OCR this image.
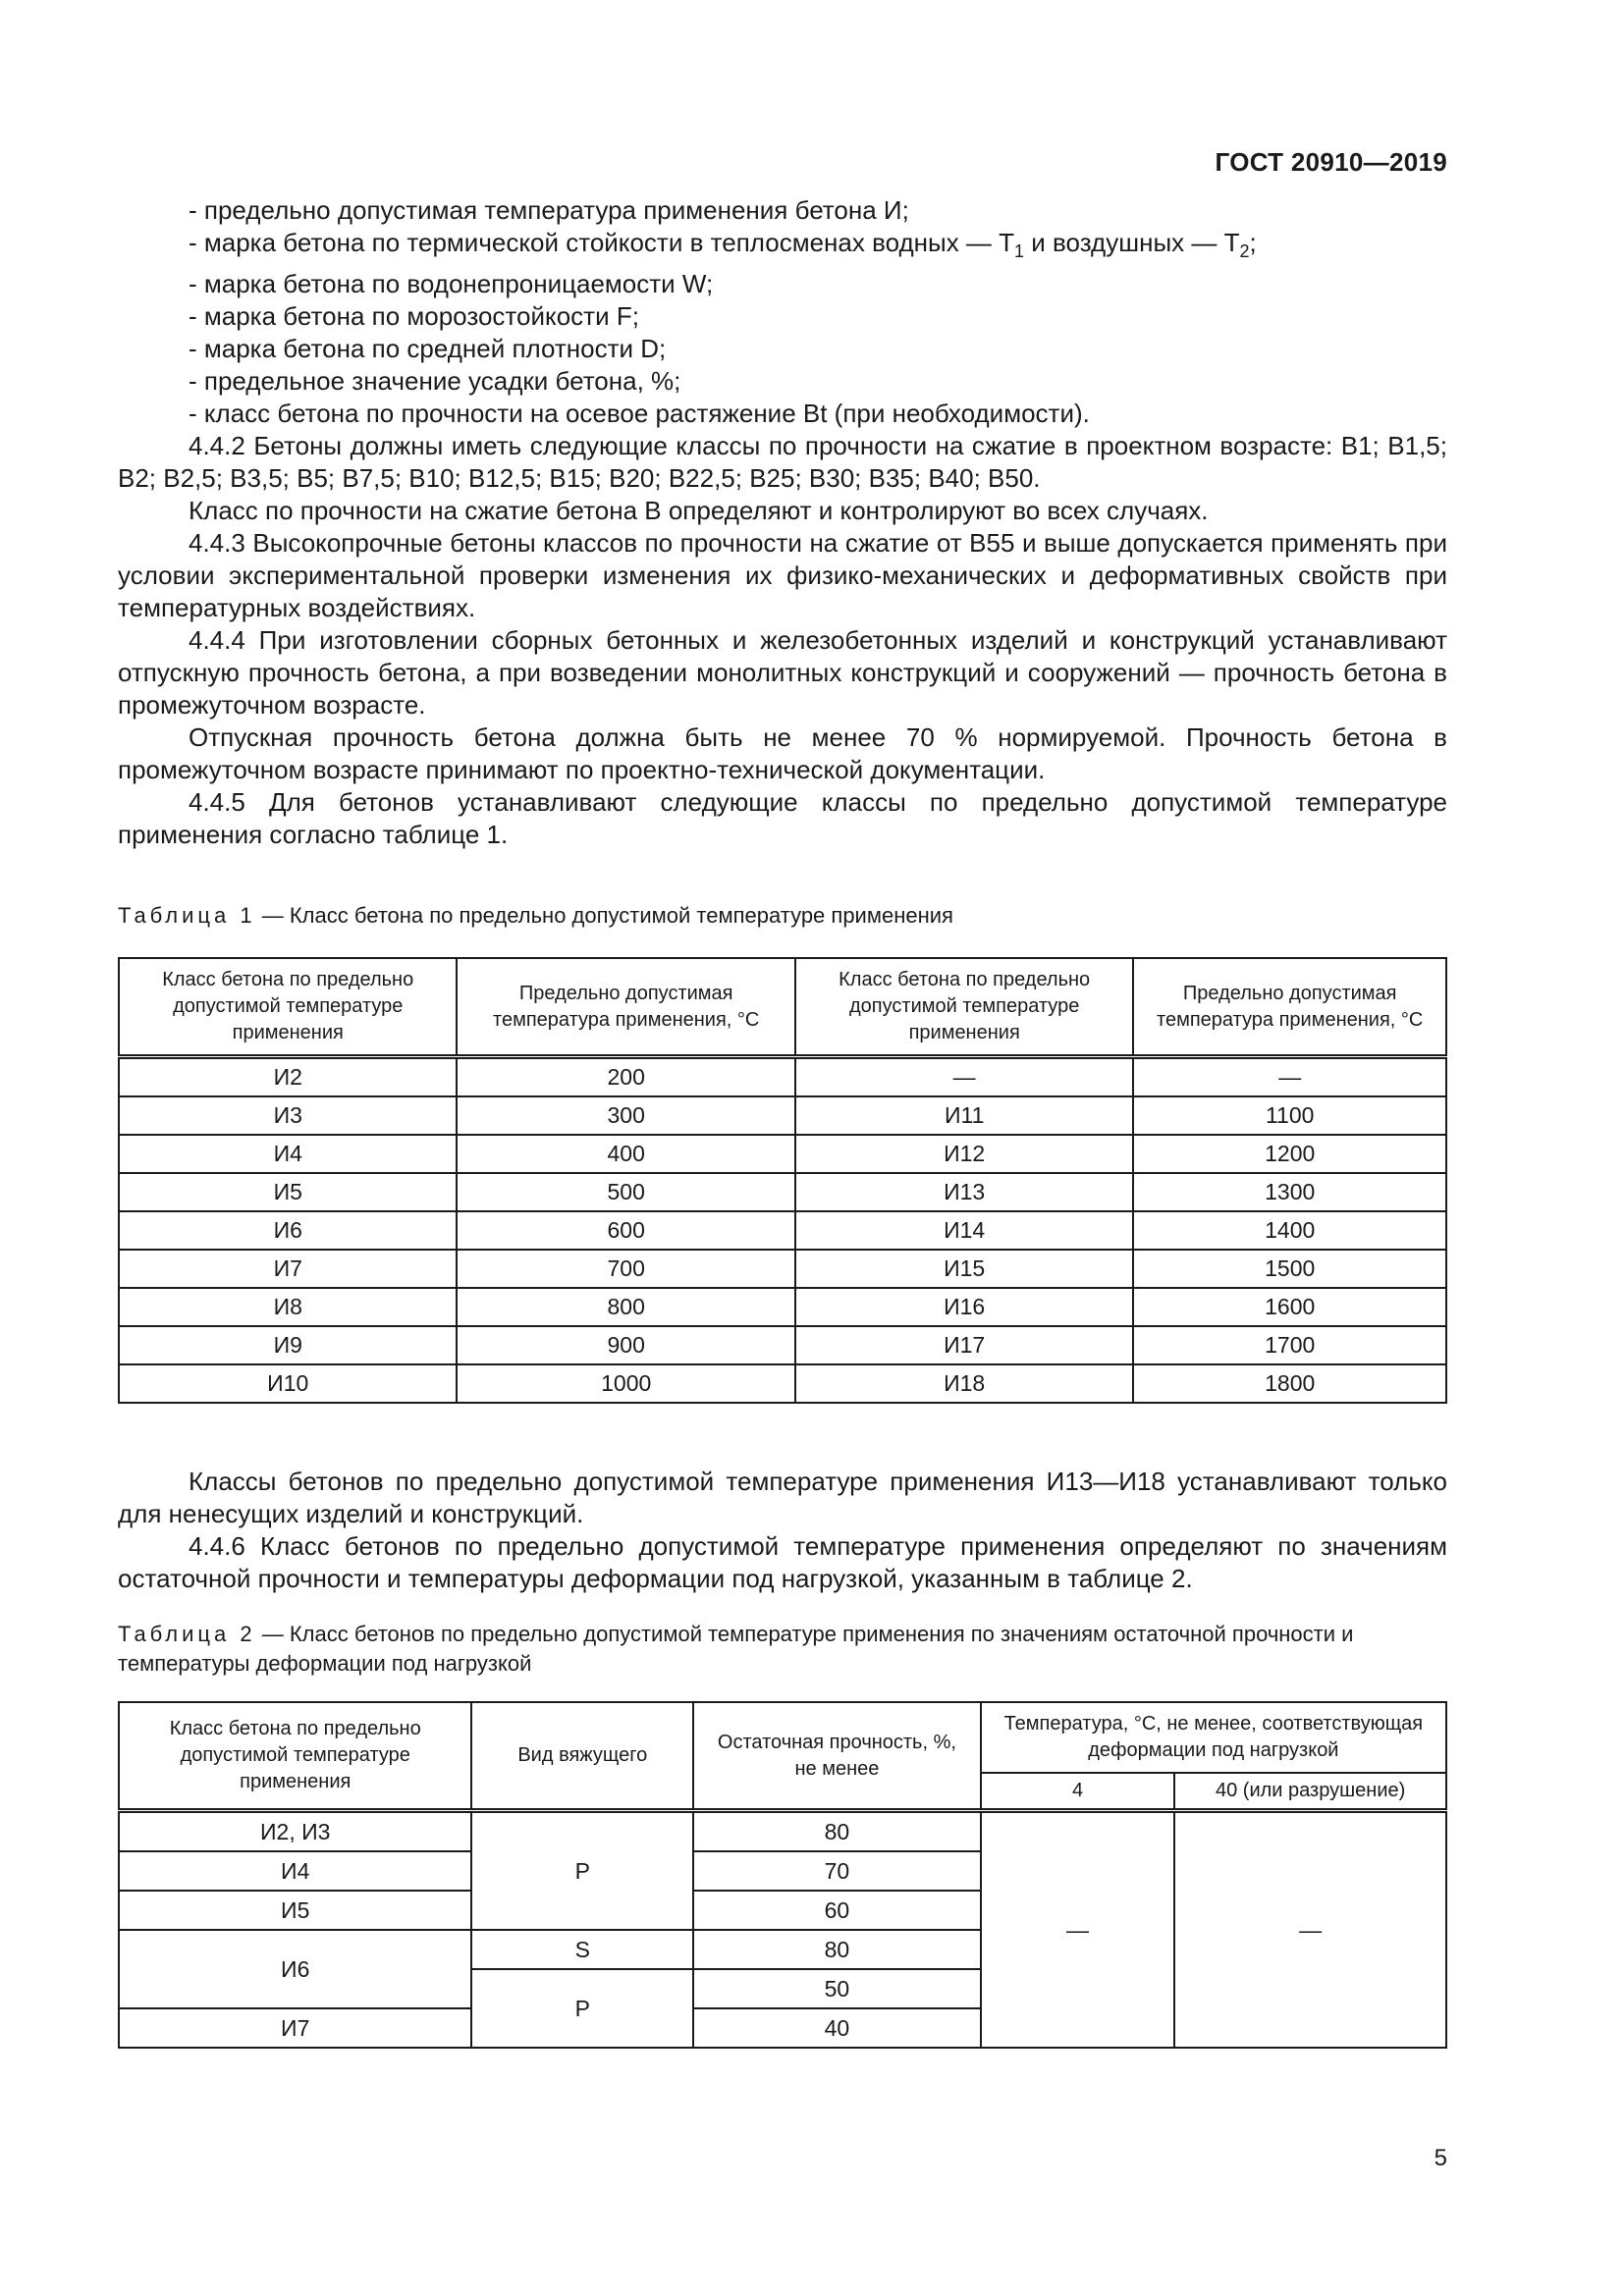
ГОСТ 20910—2019

- предельно допустимая температура применения бетона И;

- марка бетона по термической стойкости в теплосменах водных — $T_1$ и воздушных — $T_2$;

- марка бетона по водонепроницаемости W;

- марка бетона по морозостойкости F;

- марка бетона по средней плотности D;

- предельное значение усадки бетона, %;

- класс бетона по прочности на осевое растяжение Bt (при необходимости).

4.4.2 Бетоны должны иметь следующие классы по прочности на сжатие в проектном возрасте: B1; B1,5; B2; B2,5; B3,5; B5; B7,5; B10; B12,5; B15; B20; B22,5; B25; B30; B35; B40; B50.

Класс по прочности на сжатие бетона B определяют и контролируют во всех случаях.

4.4.3 Высокопрочные бетоны классов по прочности на сжатие от B55 и выше допускается применять при условии экспериментальной проверки изменения их физико-механических и деформативных свойств при температурных воздействиях.

4.4.4 При изготовлении сборных бетонных и железобетонных изделий и конструкций устанавливают отпускную прочность бетона, а при возведении монолитных конструкций и сооружений — прочность бетона в промежуточном возрасте.

Отпускная прочность бетона должна быть не менее 70 % нормируемой. Прочность бетона в промежуточном возрасте принимают по проектно-технической документации.

4.4.5 Для бетонов устанавливают следующие классы по предельно допустимой температуре применения согласно таблице 1.

Таблица 1 — Класс бетона по предельно допустимой температуре применения
Класс бетона по предельно допустимой температуре применения	Предельно допустимая температура применения, °С	Класс бетона по предельно допустимой температуре применения	Предельно допустимая температура применения, °С
И2	200	—	—
И3	300	И11	1100
И4	400	И12	1200
И5	500	И13	1300
И6	600	И14	1400
И7	700	И15	1500
И8	800	И16	1600
И9	900	И17	1700
И10	1000	И18	1800

Классы бетонов по предельно допустимой температуре применения И13—И18 устанавливают только для ненесущих изделий и конструкций.

4.4.6 Класс бетонов по предельно допустимой температуре применения определяют по значениям остаточной прочности и температуры деформации под нагрузкой, указанным в таблице 2.

Таблица 2 — Класс бетонов по предельно допустимой температуре применения по значениям остаточной прочности и температуры деформации под нагрузкой
Класс бетона по предельно допустимой температуре применения	Вид вяжущего	Остаточная прочность, %, не менее	Температура, °С, не менее, соответствующая деформации под нагрузкой	
			4	40 (или разрушение)
И2, И3	P	80	—	—
И4		70		
И5		60		
И6	S	80		
	P	50		
И7		40		
5
